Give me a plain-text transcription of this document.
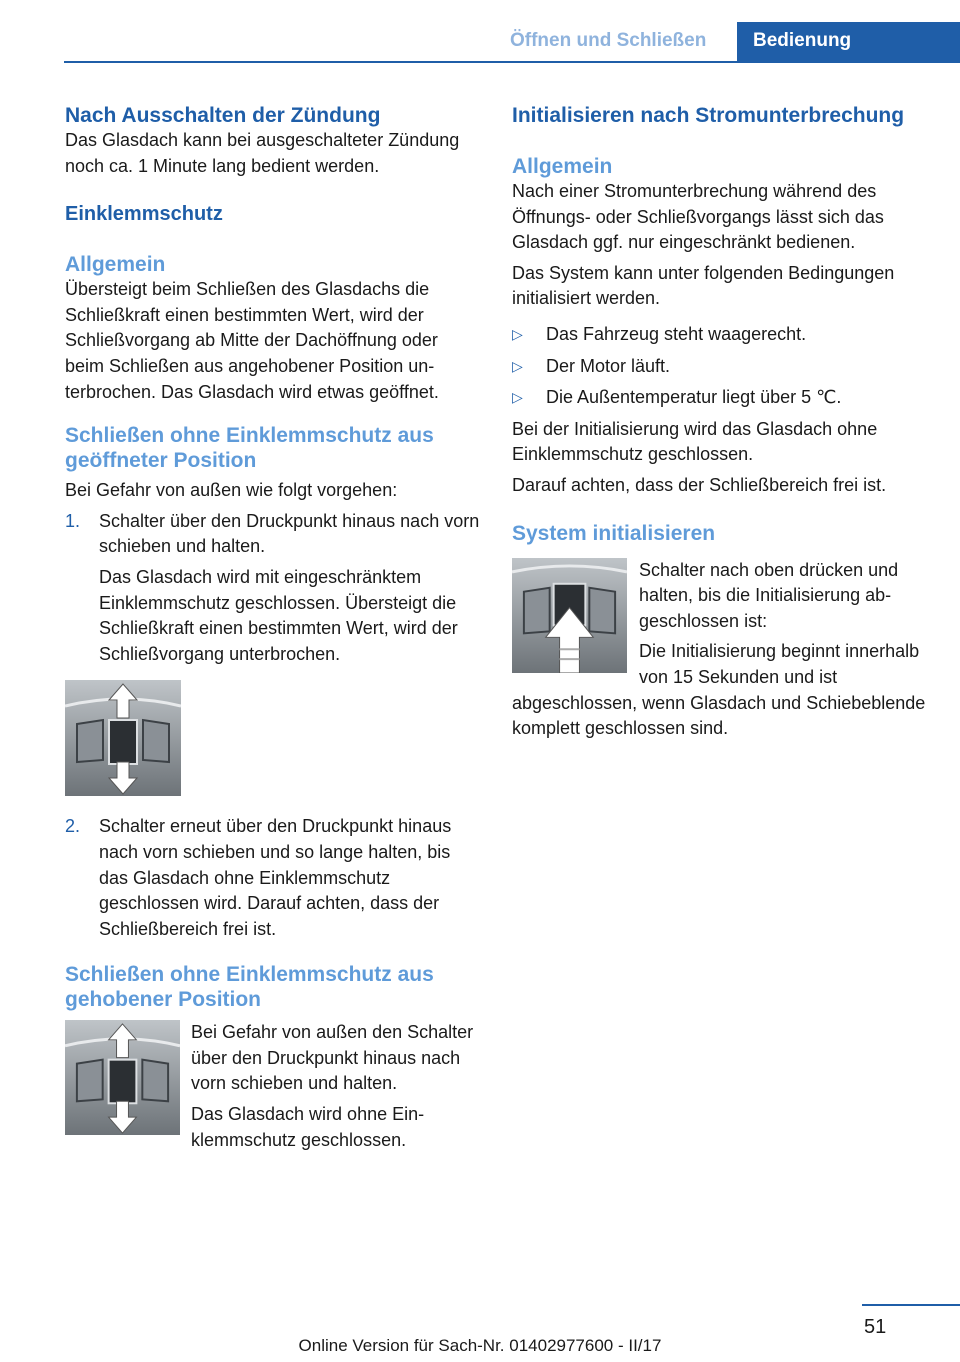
Öffnen und Schließen	Bedienung
Nach Ausschalten der Zündung

Das Glasdach kann bei ausgeschalteter Zündung noch ca. 1 Minute lang bedient werden.

Einklemmschutz
Allgemein

Übersteigt beim Schließen des Glasdachs die Schließkraft einen bestimmten Wert, wird der Schließvorgang ab Mitte der Dachöffnung oder beim Schließen aus angehobener Position unterbrochen. Das Glasdach wird etwas geöffnet.

Schließen ohne Einklemmschutz aus geöffneter Position

Bei Gefahr von außen wie folgt vorgehen:

1. Schalter über den Druckpunkt hinaus nach vorn schieben und halten.

Das Glasdach wird mit eingeschränktem Einklemmschutz geschlossen. Übersteigt die Schließkraft einen bestimmten Wert, wird der Schließvorgang unterbrochen.

2. Schalter erneut über den Druckpunkt hinaus nach vorn schieben und so lange halten, bis das Glasdach ohne Einklemmschutz geschlossen wird. Darauf achten, dass der Schließbereich frei ist.

Schließen ohne Einklemmschutz aus gehobener Position

Bei Gefahr von außen den Schalter über den Druckpunkt hinaus nach vorn schieben und halten.

Das Glasdach wird ohne Einklemmschutz geschlossen.

Initialisieren nach Stromunterbrechung
Allgemein

Nach einer Stromunterbrechung während des Öffnungs- oder Schließvorgangs lässt sich das Glasdach ggf. nur eingeschränkt bedienen.

Das System kann unter folgenden Bedingungen initialisiert werden.

▷ Das Fahrzeug steht waagerecht.
▷ Der Motor läuft.
▷ Die Außentemperatur liegt über 5 ℃.

Bei der Initialisierung wird das Glasdach ohne Einklemmschutz geschlossen.

Darauf achten, dass der Schließbereich frei ist.

System initialisieren

Schalter nach oben drücken und halten, bis die Initialisierung abgeschlossen ist:

Die Initialisierung beginnt innerhalb von 15 Sekunden und ist abgeschlossen, wenn Glasdach und Schiebeblende komplett geschlossen sind.

51
Online Version für Sach-Nr. 01402977600 - II/17
